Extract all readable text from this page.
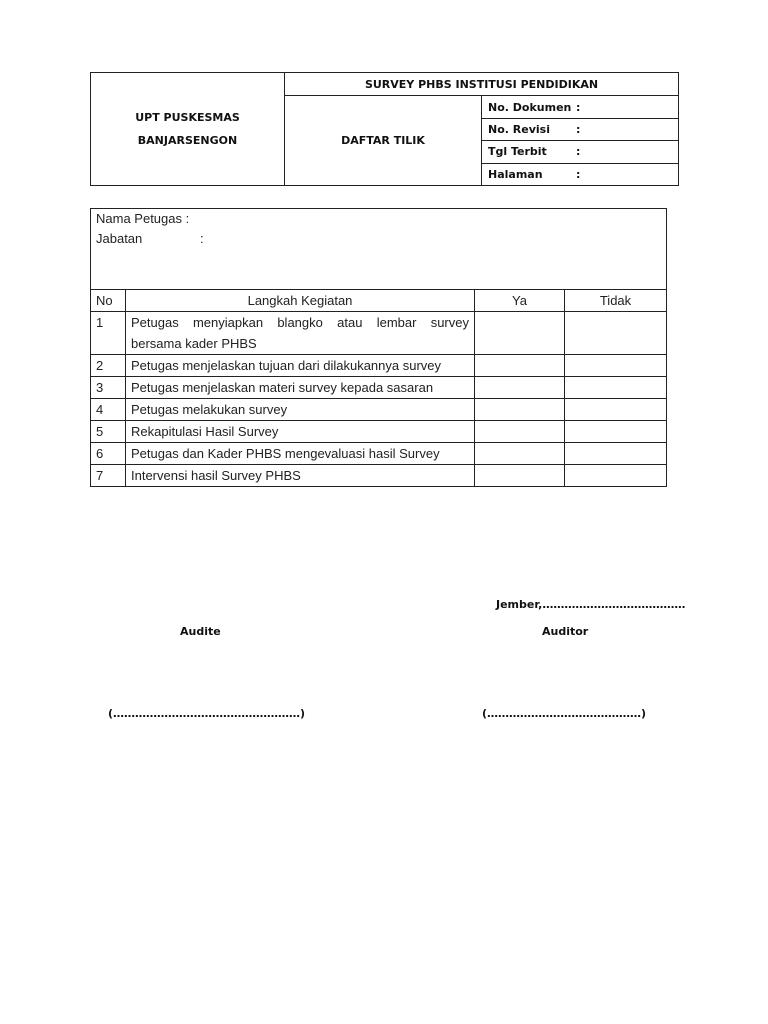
UPT PUSKESMAS
BANJARSENGON	SURVEY PHBS INSTITUSI PENDIDIKAN	
	DAFTAR TILIK	No. Dokumen :
		No. Revisi :
		Tgl Terbit :
		Halaman :
Nama Petugas :
Jabatan :			

No	Langkah Kegiatan	Ya	Tidak
1	Petugas menyiapkan blangko atau lembar survey bersama kader PHBS		
2	Petugas menjelaskan tujuan dari dilakukannya survey		
3	Petugas menjelaskan materi survey kepada sasaran		
4	Petugas melakukan survey		
5	Rekapitulasi Hasil Survey		
6	Petugas dan Kader PHBS mengevaluasi hasil Survey		
7	Intervensi hasil Survey PHBS		
Jember,…………………………………
Audite	Auditor
(……………………………………………)	(……………………………………)
